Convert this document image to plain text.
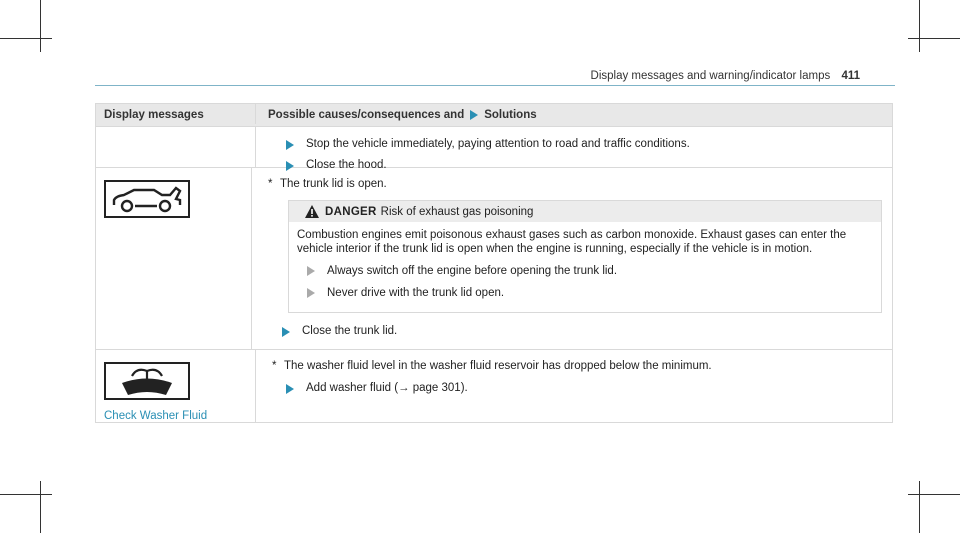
Display messages and warning/indicator lamps 411
Display messages	Possible causes/consequences and Solutions
Stop the vehicle immediately, paying attention to road and traffic conditions.
Close the hood.
* The trunk lid is open.
DANGER Risk of exhaust gas poisoning
Combustion engines emit poisonous exhaust gases such as carbon monoxide. Exhaust gases can enter the vehicle interior if the trunk lid is open when the engine is running, especially if the vehicle is in motion.
Always switch off the engine before opening the trunk lid.
Never drive with the trunk lid open.
Close the trunk lid.
Check Washer Fluid
* The washer fluid level in the washer fluid reservoir has dropped below the minimum.
Add washer fluid (→ page 301).
